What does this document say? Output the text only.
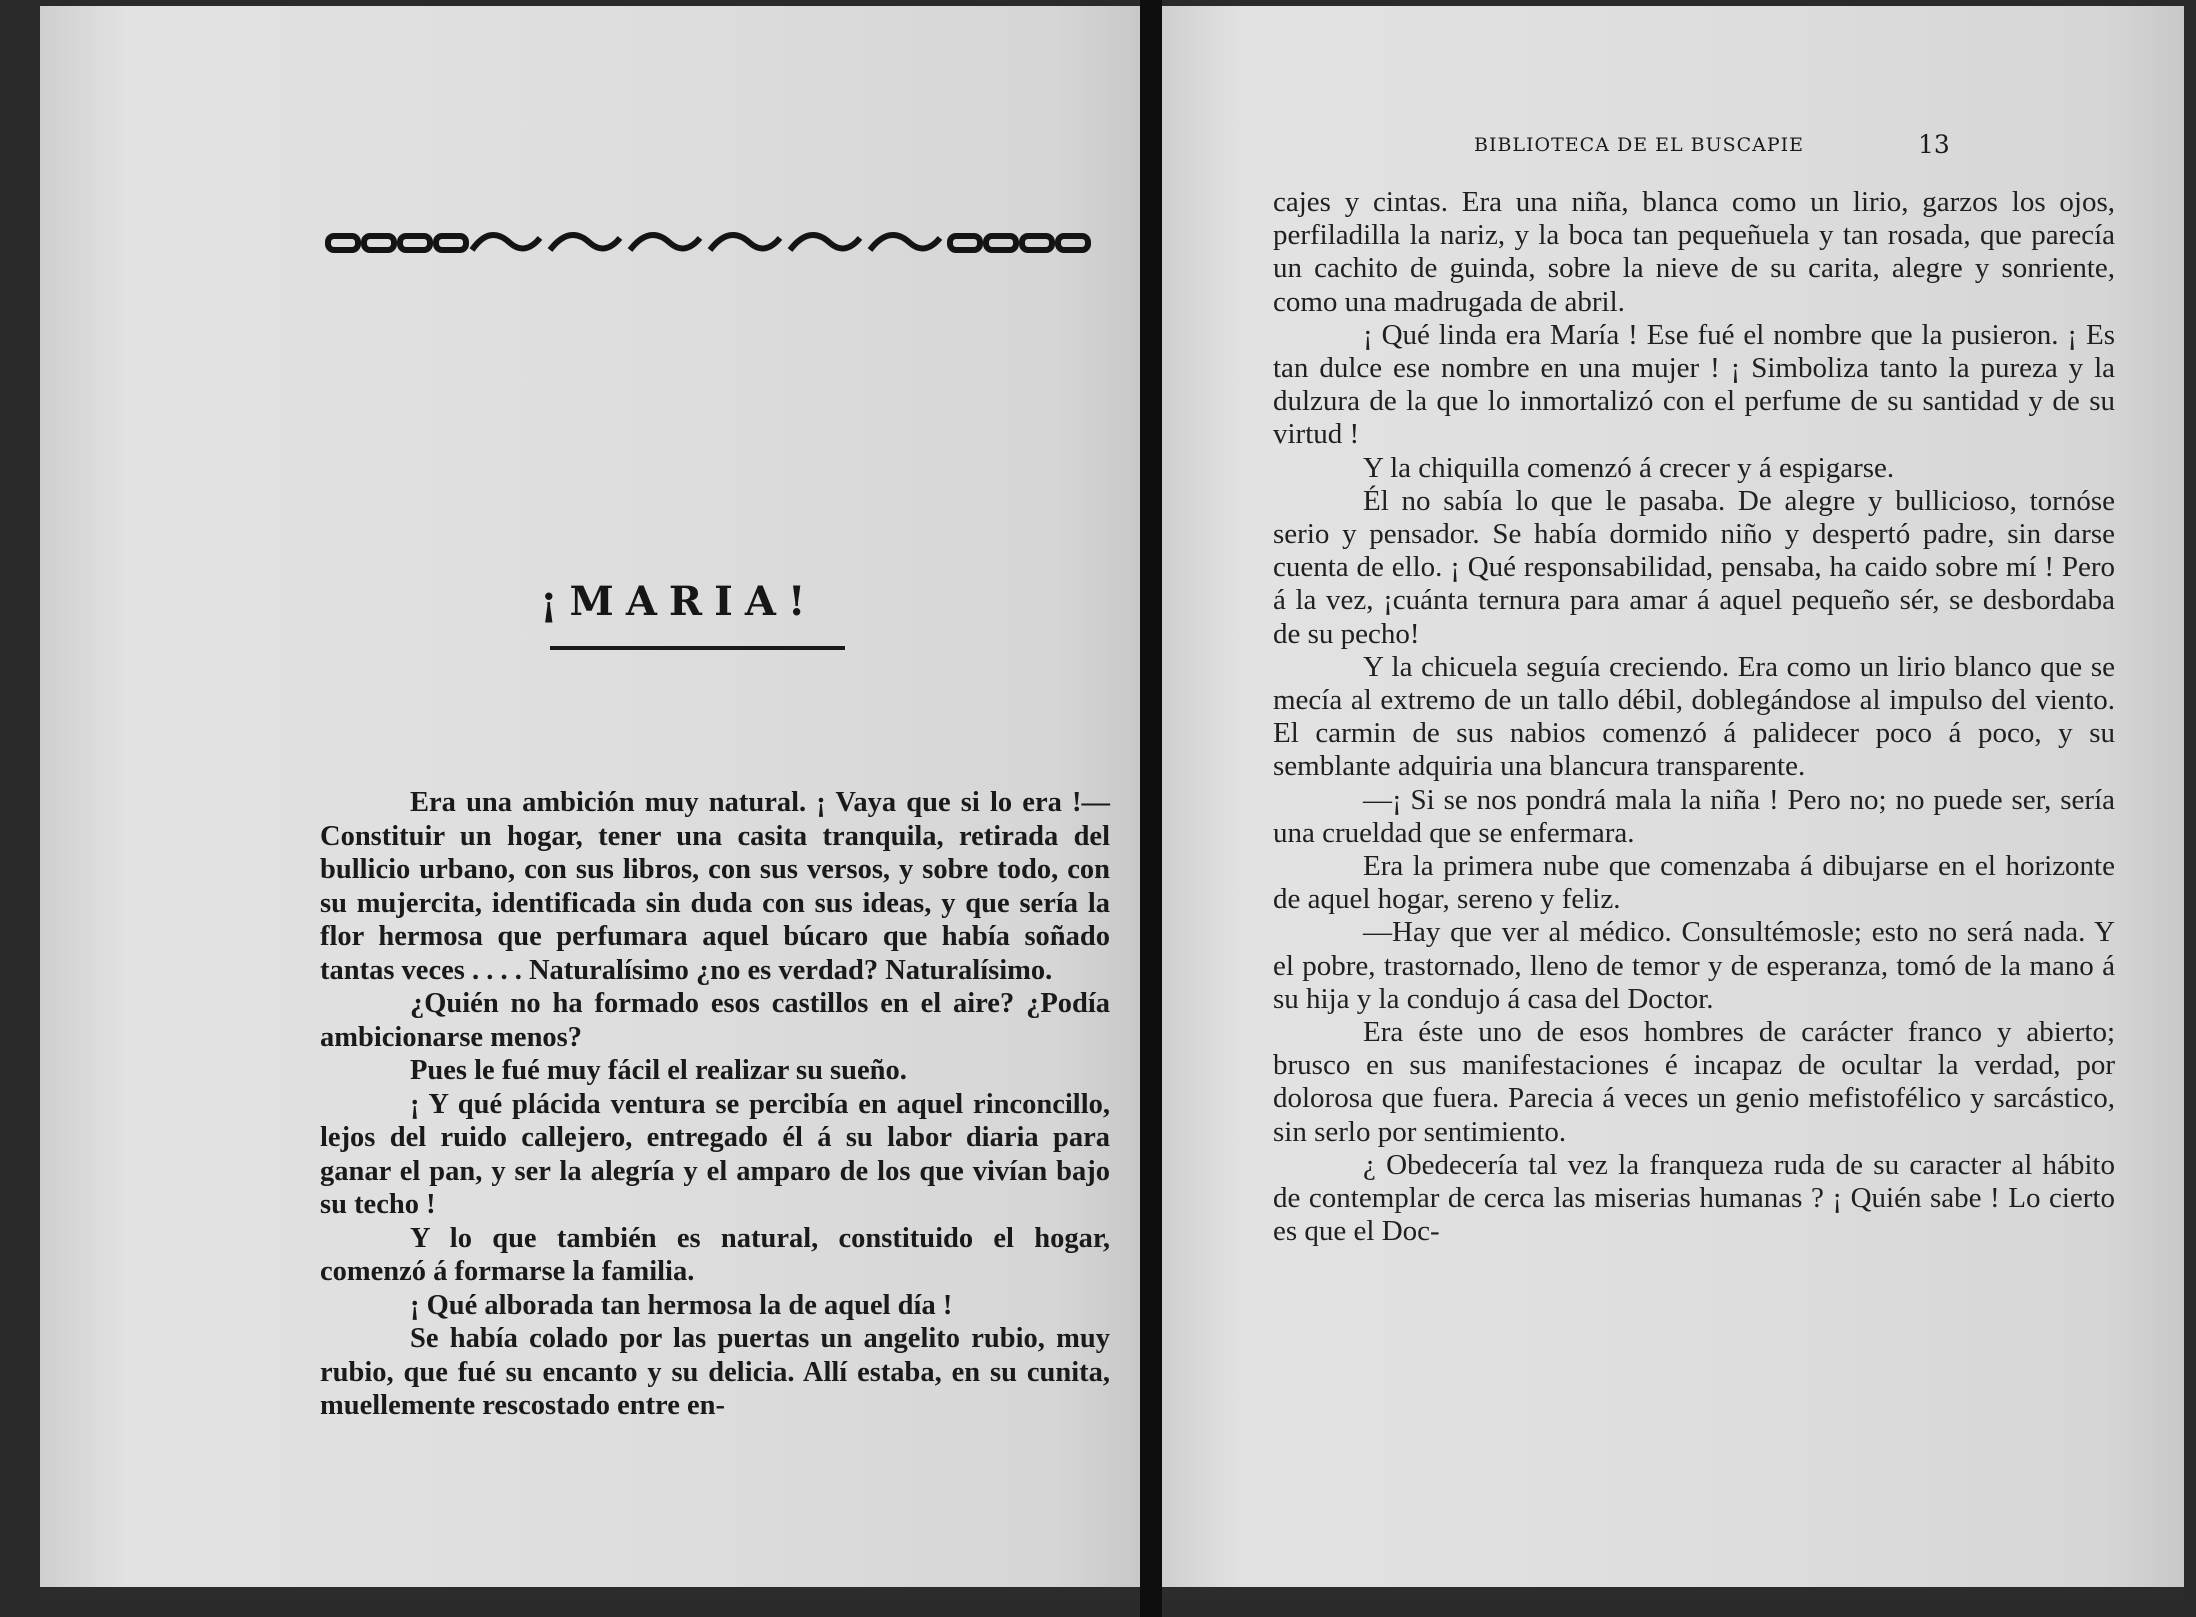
¡MARIA!

Era una ambición muy natural. ¡ Vaya que si lo era !—Constituir un hogar, tener una casita tranquila, retirada del bullicio urbano, con sus libros, con sus versos, y sobre todo, con su mujercita, identificada sin duda con sus ideas, y que sería la flor hermosa que perfumara aquel búcaro que había soñado tantas veces . . . . Naturalísimo ¿no es verdad? Naturalísimo.

¿Quién no ha formado esos castillos en el aire? ¿Podía ambicionarse menos?

Pues le fué muy fácil el realizar su sueño.

¡ Y qué plácida ventura se percibía en aquel rinconcillo, lejos del ruido callejero, entregado él á su labor diaria para ganar el pan, y ser la alegría y el amparo de los que vivían bajo su techo !

Y lo que también es natural, constituido el hogar, comenzó á formarse la familia.

¡ Qué alborada tan hermosa la de aquel día !

Se había colado por las puertas un angelito rubio, muy rubio, que fué su encanto y su delicia. Allí estaba, en su cunita, muellemente rescostado entre en-

BIBLIOTECA DE EL BUSCAPIE	13

cajes y cintas. Era una niña, blanca como un lirio, garzos los ojos, perfiladilla la nariz, y la boca tan pequeñuela y tan rosada, que parecía un cachito de guinda, sobre la nieve de su carita, alegre y sonriente, como una madrugada de abril.

¡ Qué linda era María ! Ese fué el nombre que la pusieron. ¡ Es tan dulce ese nombre en una mujer ! ¡ Simboliza tanto la pureza y la dulzura de la que lo inmortalizó con el perfume de su santidad y de su virtud !

Y la chiquilla comenzó á crecer y á espigarse.

Él no sabía lo que le pasaba. De alegre y bullicioso, tornóse serio y pensador. Se había dormido niño y despertó padre, sin darse cuenta de ello. ¡ Qué responsabilidad, pensaba, ha caido sobre mí ! Pero á la vez, ¡cuánta ternura para amar á aquel pequeño sér, se desbordaba de su pecho!

Y la chicuela seguía creciendo. Era como un lirio blanco que se mecía al extremo de un tallo débil, doblegándose al impulso del viento. El carmin de sus nabios comenzó á palidecer poco á poco, y su semblante adquiria una blancura transparente.

—¡ Si se nos pondrá mala la niña ! Pero no; no puede ser, sería una crueldad que se enfermara.

Era la primera nube que comenzaba á dibujarse en el horizonte de aquel hogar, sereno y feliz.

—Hay que ver al médico. Consultémosle; esto no será nada. Y el pobre, trastornado, lleno de temor y de esperanza, tomó de la mano á su hija y la condujo á casa del Doctor.

Era éste uno de esos hombres de carácter franco y abierto; brusco en sus manifestaciones é incapaz de ocultar la verdad, por dolorosa que fuera. Parecia á veces un genio mefistofélico y sarcástico, sin serlo por sentimiento.

¿ Obedecería tal vez la franqueza ruda de su caracter al hábito de contemplar de cerca las miserias humanas ? ¡ Quién sabe ! Lo cierto es que el Doc-
